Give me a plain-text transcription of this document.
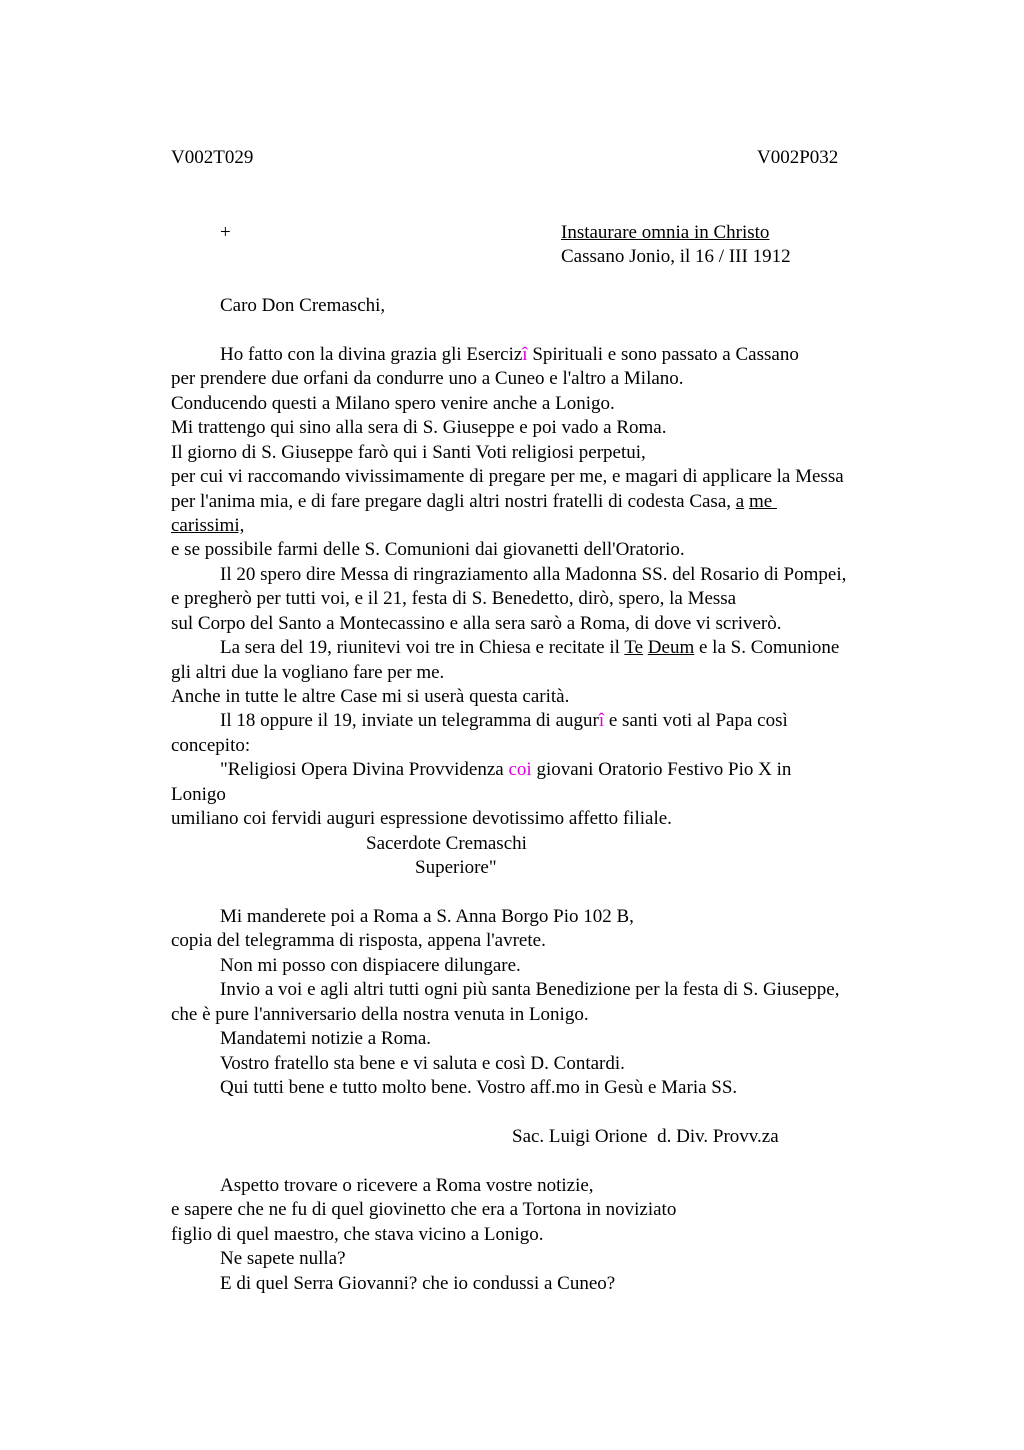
V002T029	V002P032
+	Instaurare omnia in Christo
Cassano Jonio, il 16 / III 1912
Caro Don Cremaschi,
Ho fatto con la divina grazia gli Esercizî Spirituali e sono passato a Cassano
per prendere due orfani da condurre uno a Cuneo e l'altro a Milano.
Conducendo questi a Milano spero venire anche a Lonigo.
Mi trattengo qui sino alla sera di S. Giuseppe e poi vado a Roma.
Il giorno di S. Giuseppe farò qui i Santi Voti religiosi perpetui,
per cui vi raccomando vivissimamente di pregare per me, e magari di applicare la Messa
per l'anima mia, e di fare pregare dagli altri nostri fratelli di codesta Casa, a me
carissimi,
e se possibile farmi delle S. Comunioni dai giovanetti dell'Oratorio.
Il 20 spero dire Messa di ringraziamento alla Madonna SS. del Rosario di Pompei,
e pregherò per tutti voi, e il 21, festa di S. Benedetto, dirò, spero, la Messa
sul Corpo del Santo a Montecassino e alla sera sarò a Roma, di dove vi scriverò.
La sera del 19, riunitevi voi tre in Chiesa e recitate il Te Deum e la S. Comunione
gli altri due la vogliano fare per me.
Anche in tutte le altre Case mi si userà questa carità.
Il 18 oppure il 19, inviate un telegramma di augurî e santi voti al Papa così
concepito:
"Religiosi Opera Divina Provvidenza coi giovani Oratorio Festivo Pio X in
Lonigo
umiliano coi fervidi auguri espressione devotissimo affetto filiale.
Sacerdote Cremaschi
Superiore"
Mi manderete poi a Roma a S. Anna Borgo Pio 102 B,
copia del telegramma di risposta, appena l'avrete.
Non mi posso con dispiacere dilungare.
Invio a voi e agli altri tutti ogni più santa Benedizione per la festa di S. Giuseppe,
che è pure l'anniversario della nostra venuta in Lonigo.
Mandatemi notizie a Roma.
Vostro fratello sta bene e vi saluta e così D. Contardi.
Qui tutti bene e tutto molto bene. Vostro aff.mo in Gesù e Maria SS.
Sac. Luigi Orione  d. Div. Provv.za
Aspetto trovare o ricevere a Roma vostre notizie,
e sapere che ne fu di quel giovinetto che era a Tortona in noviziato
figlio di quel maestro, che stava vicino a Lonigo.
Ne sapete nulla?
E di quel Serra Giovanni? che io condussi a Cuneo?
